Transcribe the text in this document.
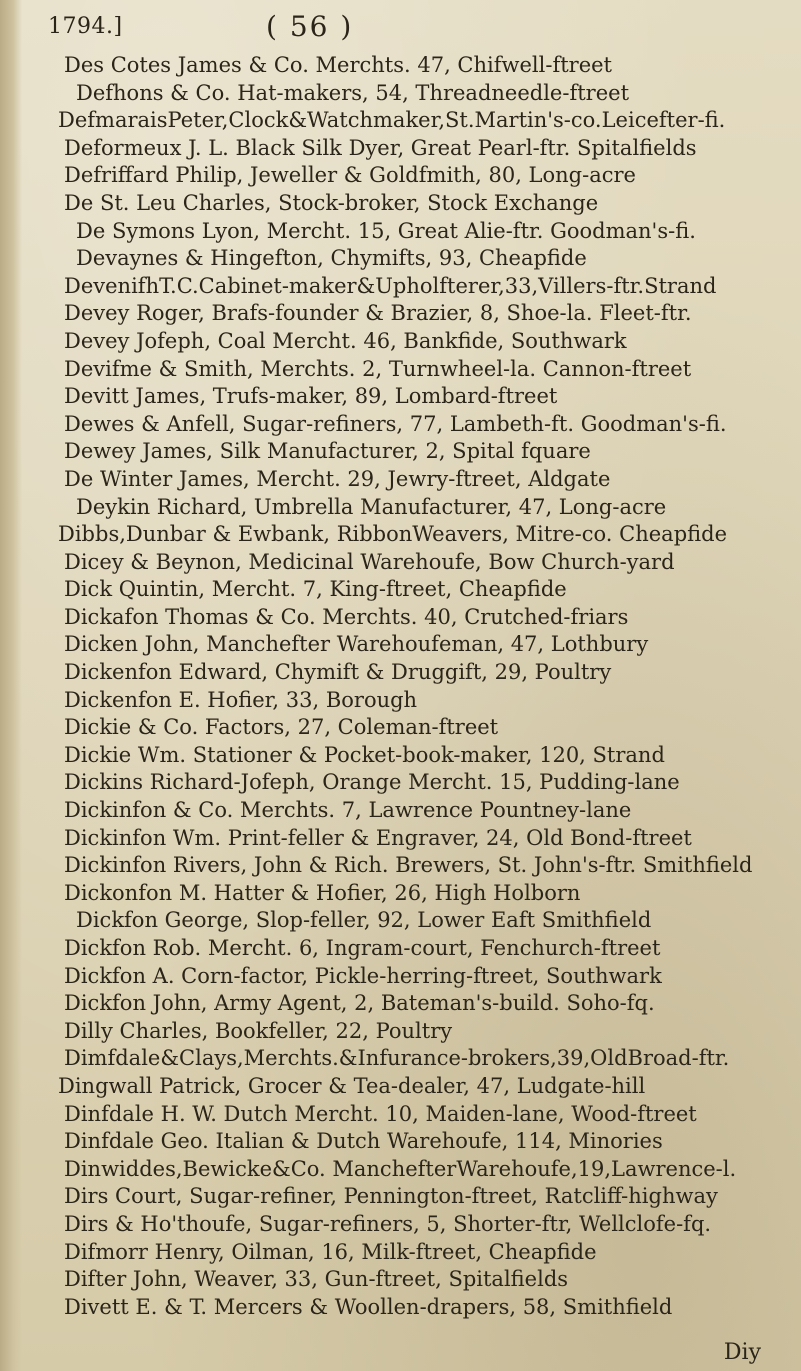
1794.]	( 56 )
Des Cotes James & Co. Merchts. 47, Chifwell-ftreet
Defhons & Co. Hat-makers, 54, Threadneedle-ftreet
DefmaraisPeter,Clock&Watchmaker,St.Martin's-co.Leicefter-fi.
Deformeux J. L. Black Silk Dyer, Great Pearl-ftr. Spitalfields
Defriffard Philip, Jeweller & Goldfmith, 80, Long-acre
De St. Leu Charles, Stock-broker, Stock Exchange
De Symons Lyon, Mercht. 15, Great Alie-ftr. Goodman's-fi.
Devaynes & Hingefton, Chymifts, 93, Cheapfide
DevenifhT.C.Cabinet-maker&Upholfterer,33,Villers-ftr.Strand
Devey Roger, Brafs-founder & Brazier, 8, Shoe-la. Fleet-ftr.
Devey Jofeph, Coal Mercht. 46, Bankfide, Southwark
Devifme & Smith, Merchts. 2, Turnwheel-la. Cannon-ftreet
Devitt James, Trufs-maker, 89, Lombard-ftreet
Dewes & Anfell, Sugar-refiners, 77, Lambeth-ft. Goodman's-fi.
Dewey James, Silk Manufacturer, 2, Spital fquare
De Winter James, Mercht. 29, Jewry-ftreet, Aldgate
Deykin Richard, Umbrella Manufacturer, 47, Long-acre
Dibbs,Dunbar & Ewbank, RibbonWeavers, Mitre-co. Cheapfide
Dicey & Beynon, Medicinal Warehoufe, Bow Church-yard
Dick Quintin, Mercht. 7, King-ftreet, Cheapfide
Dickafon Thomas & Co. Merchts. 40, Crutched-friars
Dicken John, Manchefter Warehoufeman, 47, Lothbury
Dickenfon Edward, Chymift & Druggift, 29, Poultry
Dickenfon E. Hofier, 33, Borough
Dickie & Co. Factors, 27, Coleman-ftreet
Dickie Wm. Stationer & Pocket-book-maker, 120, Strand
Dickins Richard-Jofeph, Orange Mercht. 15, Pudding-lane
Dickinfon & Co. Merchts. 7, Lawrence Pountney-lane
Dickinfon Wm. Print-feller & Engraver, 24, Old Bond-ftreet
Dickinfon Rivers, John & Rich. Brewers, St. John's-ftr. Smithfield
Dickonfon M. Hatter & Hofier, 26, High Holborn
Dickfon George, Slop-feller, 92, Lower Eaft Smithfield
Dickfon Rob. Mercht. 6, Ingram-court, Fenchurch-ftreet
Dickfon A. Corn-factor, Pickle-herring-ftreet, Southwark
Dickfon John, Army Agent, 2, Bateman's-build. Soho-fq.
Dilly Charles, Bookfeller, 22, Poultry
Dimfdale&Clays,Merchts.&Infurance-brokers,39,OldBroad-ftr.
Dingwall Patrick, Grocer & Tea-dealer, 47, Ludgate-hill
Dinfdale H. W. Dutch Mercht. 10, Maiden-lane, Wood-ftreet
Dinfdale Geo. Italian & Dutch Warehoufe, 114, Minories
Dinwiddes,Bewicke&Co. ManchefterWarehoufe,19,Lawrence-l.
Dirs Court, Sugar-refiner, Pennington-ftreet, Ratcliff-highway
Dirs & Ho'thoufe, Sugar-refiners, 5, Shorter-ftr, Wellclofe-fq.
Difmorr Henry, Oilman, 16, Milk-ftreet, Cheapfide
Difter John, Weaver, 33, Gun-ftreet, Spitalfields
Divett E. & T. Mercers & Woollen-drapers, 58, Smithfield
Diy
